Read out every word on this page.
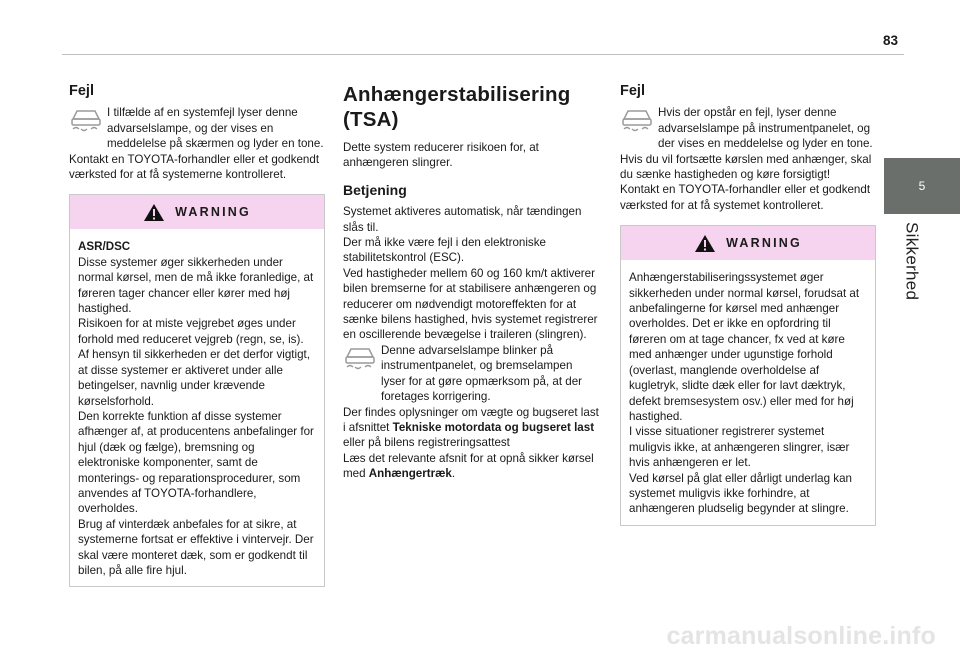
83
5
Sikkerhed
Fejl

I tilfælde af en systemfejl lyser denne advarselslampe, og der vises en meddelelse på skærmen og lyder en tone.

Kontakt en TOYOTA-forhandler eller et godkendt værksted for at få systemerne kontrolleret.

WARNING

ASR/DSC

Disse systemer øger sikkerheden under normal kørsel, men de må ikke foranledige, at føreren tager chancer eller kører med høj hastighed.
Risikoen for at miste vejgrebet øges under forhold med reduceret vejgreb (regn, se, is). Af hensyn til sikkerheden er det derfor vigtigt, at disse systemer er aktiveret under alle betingelser, navnlig under krævende kørselsforhold.
Den korrekte funktion af disse systemer afhænger af, at producentens anbefalinger for hjul (dæk og fælge), bremsning og elektroniske komponenter, samt de monterings- og reparationsprocedurer, som anvendes af TOYOTA-forhandlere, overholdes.
Brug af vinterdæk anbefales for at sikre, at systemerne fortsat er effektive i vintervejr. Der skal være monteret dæk, som er godkendt til bilen, på alle fire hjul.

Anhængerstabilisering (TSA)

Dette system reducerer risikoen for, at anhængeren slingrer.

Betjening

Systemet aktiveres automatisk, når tændingen slås til.
Der må ikke være fejl i den elektroniske stabilitetskontrol (ESC).
Ved hastigheder mellem 60 og 160 km/t aktiverer bilen bremserne for at stabilisere anhængeren og reducerer om nødvendigt motoreffekten for at sænke bilens hastighed, hvis systemet registrerer en oscillerende bevægelse i traileren (slingren).

Denne advarselslampe blinker på instrumentpanelet, og bremselampen lyser for at gøre opmærksom på, at der foretages korrigering.

Der findes oplysninger om vægte og bugseret last i afsnittet Tekniske motordata og bugseret last eller på bilens registreringsattest

Læs det relevante afsnit for at opnå sikker kørsel med Anhængertræk.

Fejl

Hvis der opstår en fejl, lyser denne advarselslampe på instrumentpanelet, og der vises en meddelelse og lyder en tone.

Hvis du vil fortsætte kørslen med anhænger, skal du sænke hastigheden og køre forsigtigt!
Kontakt en TOYOTA-forhandler eller et godkendt værksted for at få systemet kontrolleret.

WARNING

Anhængerstabiliseringssystemet øger sikkerheden under normal kørsel, forudsat at anbefalingerne for kørsel med anhænger overholdes. Det er ikke en opfordring til føreren om at tage chancer, fx ved at køre med anhænger under ugunstige forhold (overlast, manglende overholdelse af kugletryk, slidte dæk eller for lavt dæktryk, defekt bremsesystem osv.) eller med for høj hastighed.
I visse situationer registrerer systemet muligvis ikke, at anhængeren slingrer, især hvis anhængeren er let.
Ved kørsel på glat eller dårligt underlag kan systemet muligvis ikke forhindre, at anhængeren pludselig begynder at slingre.

carmanualsonline.info
